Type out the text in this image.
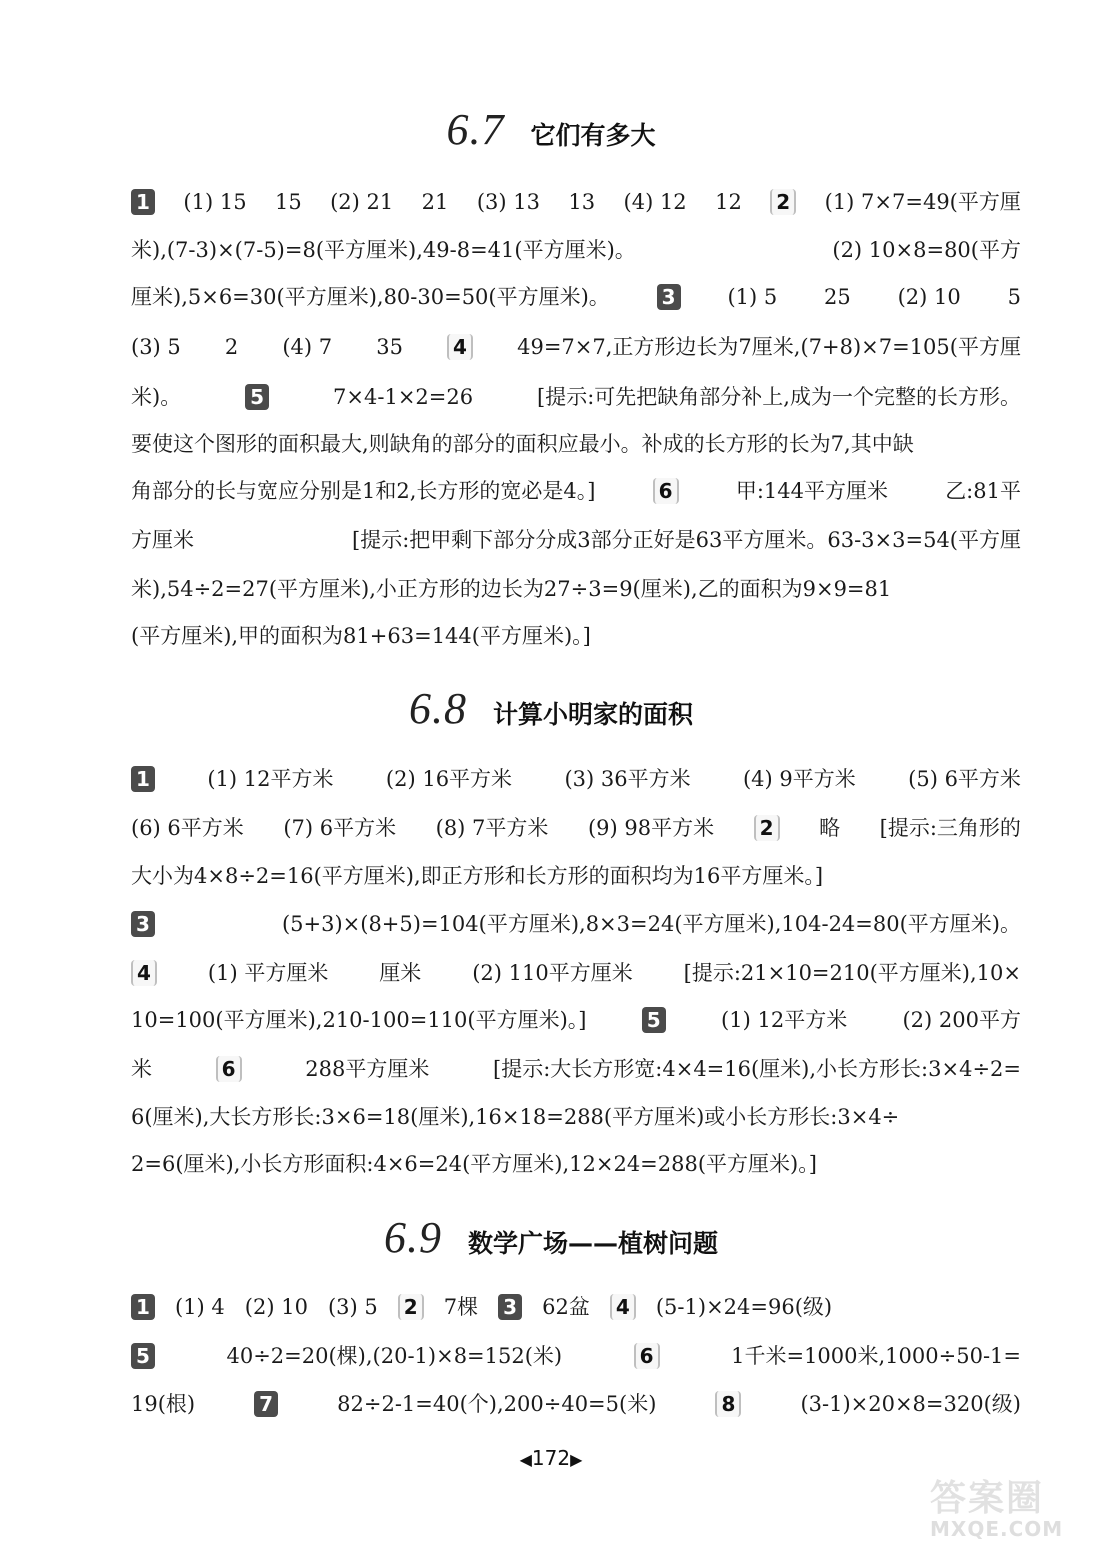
6.7 它们有多大
1 (1) 15 15 (2) 21 21 (3) 13 13 (4) 12 12	2 (1) 7×7=49(平方厘
米),(7-3)×(7-5)=8(平方厘米),49-8=41(平方厘米)。	(2) 10×8=80(平方
厘米),5×6=30(平方厘米),80-30=50(平方厘米)。	3 (1) 5 25 (2) 10 5
(3) 5 2 (4) 7 35	4 49=7×7,正方形边长为7厘米,(7+8)×7=105(平方厘
米)。	5	7×4-1×2=26	[提示:可先把缺角部分补上,成为一个完整的长方形。
要使这个图形的面积最大,则缺角的部分的面积应最小。补成的长方形的长为7,其中缺
角部分的长与宽应分别是1和2,长方形的宽必是4。]	6	甲:144平方厘米	乙:81平
方厘米	[提示:把甲剩下部分分成3部分正好是63平方厘米。63-3×3=54(平方厘
米),54÷2=27(平方厘米),小正方形的边长为27÷3=9(厘米),乙的面积为9×9=81
(平方厘米),甲的面积为81+63=144(平方厘米)。]
6.8 计算小明家的面积
1	(1) 12平方米 (2) 16平方米 (3) 36平方米 (4) 9平方米 (5) 6平方米
(6) 6平方米 (7) 6平方米 (8) 7平方米 (9) 98平方米	2 略 [提示:三角形的
大小为4×8÷2=16(平方厘米),即正方形和长方形的面积均为16平方厘米。]
3	(5+3)×(8+5)=104(平方厘米),8×3=24(平方厘米),104-24=80(平方厘米)。
4	(1) 平方厘米 厘米 (2) 110平方厘米 [提示:21×10=210(平方厘米),10×
10=100(平方厘米),210-100=110(平方厘米)。]	5	(1) 12平方米	(2) 200平方
米	6	288平方厘米	[提示:大长方形宽:4×4=16(厘米),小长方形长:3×4÷2=
6(厘米),大长方形长:3×6=18(厘米),16×18=288(平方厘米)或小长方形长:3×4÷
2=6(厘米),小长方形面积:4×6=24(平方厘米),12×24=288(平方厘米)。]
6.9 数学广场——植树问题
1 (1) 4 (2) 10 (3) 5	2 7棵 3 62盆	4 (5-1)×24=96(级)
5	40÷2=20(棵),(20-1)×8=152(米)	6	1千米=1000米,1000÷50-1=
19(根)	7	82÷2-1=40(个),200÷40=5(米)	8	(3-1)×20×8=320(级)
◀172▶
答案圈
MXQE.COM
